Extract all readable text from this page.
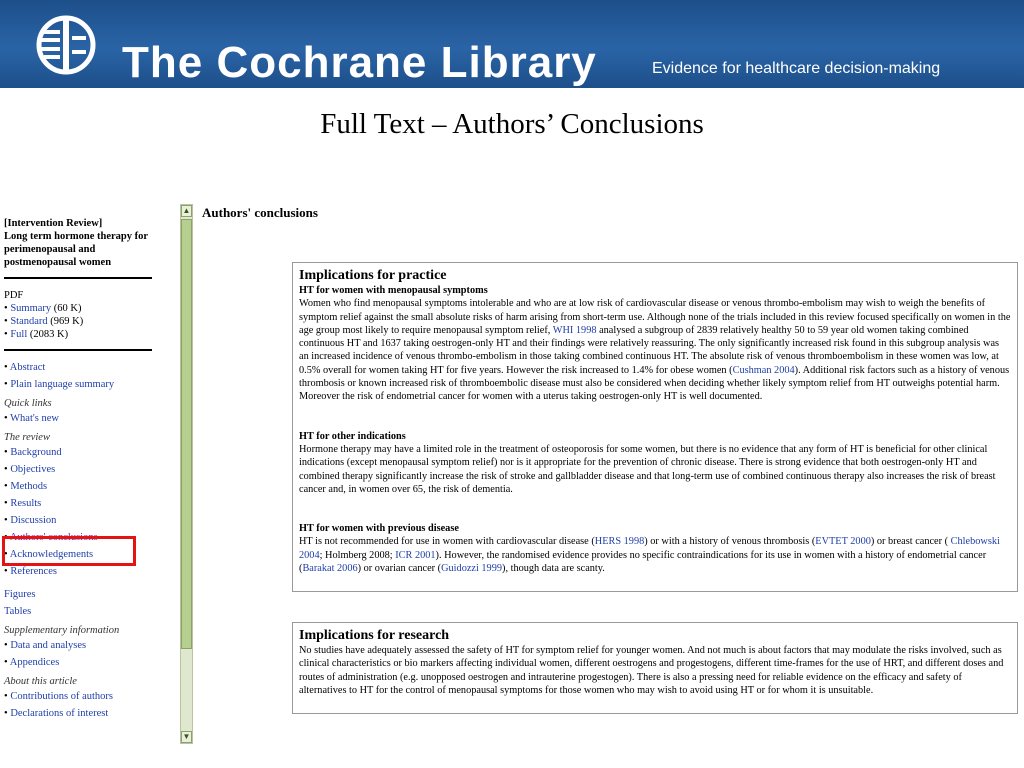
The Cochrane Library	Evidence for healthcare decision-making
Full Text – Authors’ Conclusions
[Intervention Review]
Long term hormone therapy for perimenopausal and postmenopausal women
PDF
• Summary (60 K)
• Standard (969 K)
• Full (2083 K)
• Abstract
• Plain language summary
Quick links
• What's new
The review
• Background
• Objectives
• Methods
• Results
• Discussion
• Authors' conclusions
• Acknowledgements
• References
Figures
Tables
Supplementary information
• Data and analyses
• Appendices
About this article
• Contributions of authors
• Declarations of interest
▲
▼
Authors' conclusions
Implications for practice
HT for women with menopausal symptoms

Women who find menopausal symptoms intolerable and who are at low risk of cardiovascular disease or venous thrombo-embolism may wish to weigh the benefits of symptom relief against the small absolute risks of harm arising from short-term use. Although none of the trials included in this review focused specifically on women in the age group most likely to require menopausal symptom relief, WHI 1998 analysed a subgroup of 2839 relatively healthy 50 to 59 year old women taking combined continuous HT and 1637 taking oestrogen-only HT and their findings were relatively reassuring. The only significantly increased risk found in this subgroup analysis was an increased incidence of venous thrombo-embolism in those taking combined continuous HT. The absolute risk of venous thromboembolism in these women was low, at 0.5% overall for women taking HT for five years. However the risk increased to 1.4% for obese women (Cushman 2004). Additional risk factors such as a history of venous thrombosis or known increased risk of thromboembolic disease must also be considered when deciding whether likely symptom relief from HT outweighs potential harm. Moreover the risk of endometrial cancer for women with a uterus taking oestrogen-only HT is well documented.

HT for other indications

Hormone therapy may have a limited role in the treatment of osteoporosis for some women, but there is no evidence that any form of HT is beneficial for other clinical indications (except menopausal symptom relief) nor is it appropriate for the prevention of chronic disease. There is strong evidence that both oestrogen-only HT and combined therapy significantly increase the risk of stroke and gallbladder disease and that long-term use of combined continuous therapy also increases the risk of breast cancer and, in women over 65, the risk of dementia.

HT for women with previous disease

HT is not recommended for use in women with cardiovascular disease (HERS 1998) or with a history of venous thrombosis (EVTET 2000) or breast cancer ( Chlebowski 2004; Holmberg 2008; ICR 2001). However, the randomised evidence provides no specific contraindications for its use in women with a history of endometrial cancer (Barakat 2006) or ovarian cancer (Guidozzi 1999), though data are scanty.

Implications for research

No studies have adequately assessed the safety of HT for symptom relief for younger women. And not much is about factors that may modulate the risks involved, such as clinical characteristics or bio markers affecting individual women, different oestrogens and progestogens, different time-frames for the use of HRT, and different doses and routes of administration (e.g. unopposed oestrogen and intrauterine progestogen). There is also a pressing need for reliable evidence on the efficacy and safety of alternatives to HT for the control of menopausal symptoms for those women who may wish to avoid using HT or for whom it is unsuitable.
